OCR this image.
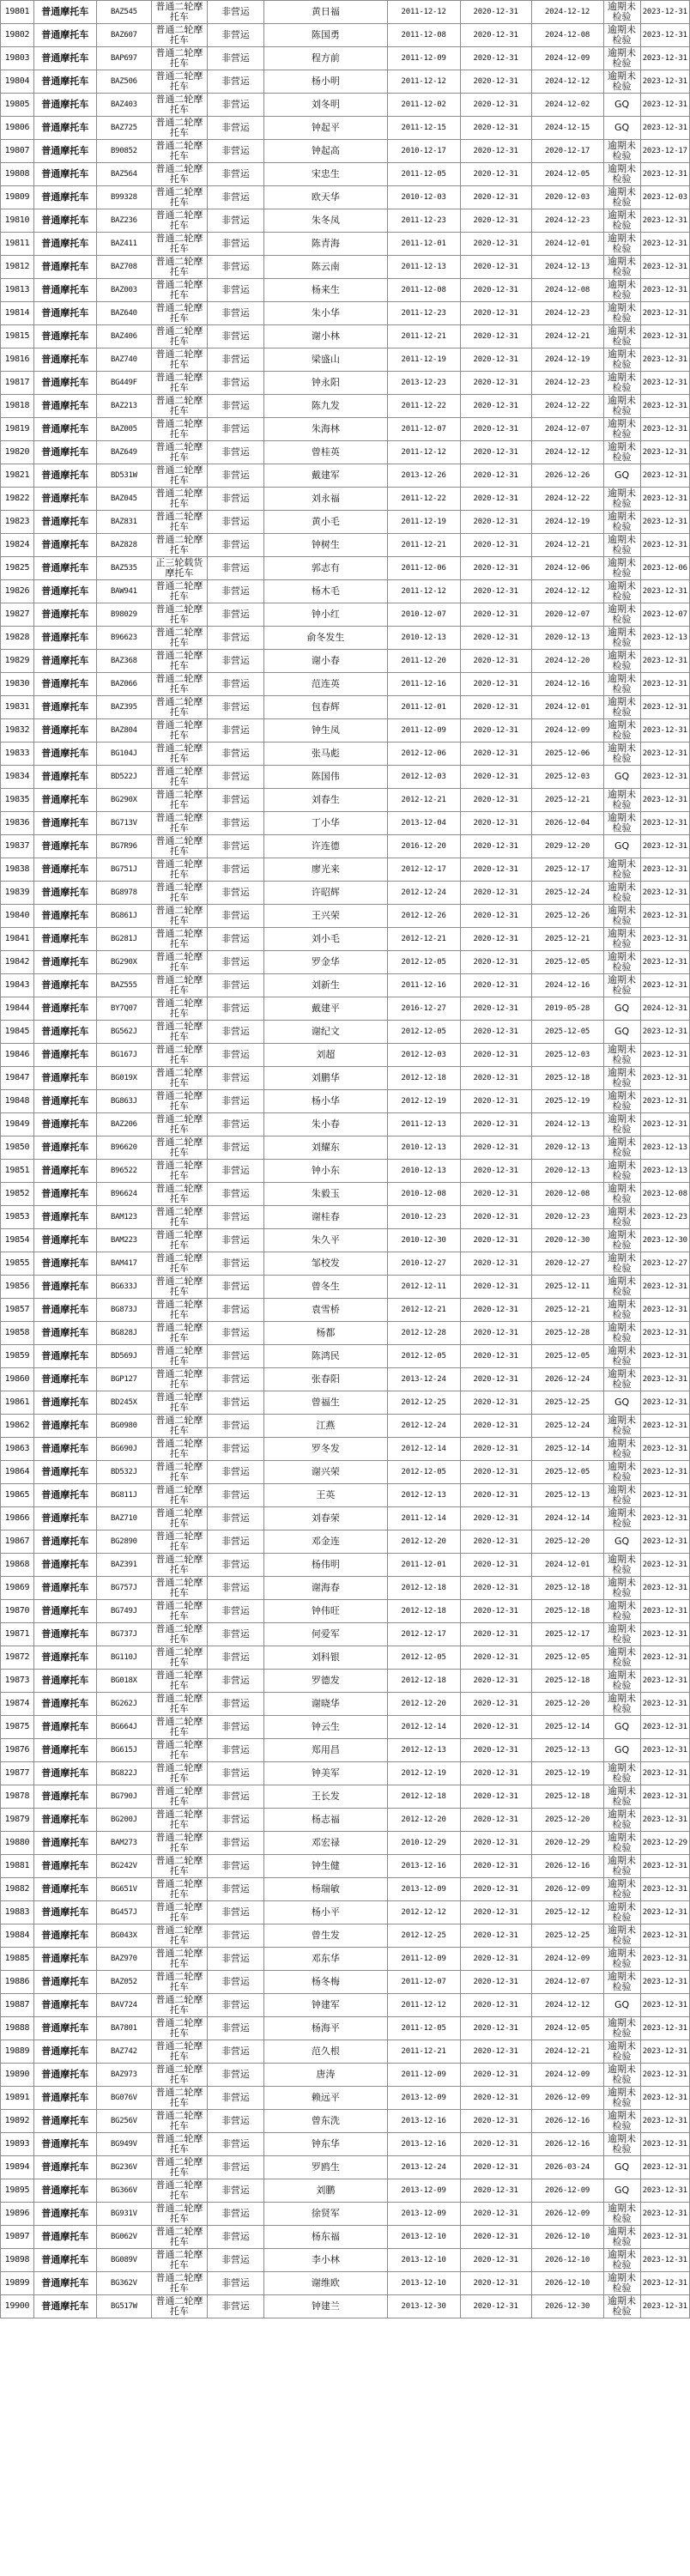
19801	普通摩托车	BAZ545	普通二轮摩托车	非营运	黄日福	2011-12-12	2020-12-31	2024-12-12	逾期未检验	2023-12-31
19802	普通摩托车	BAZ607	普通二轮摩托车	非营运	陈国勇	2011-12-08	2020-12-31	2024-12-08	逾期未检验	2023-12-31
19803	普通摩托车	BAP697	普通二轮摩托车	非营运	程方前	2011-12-09	2020-12-31	2024-12-09	逾期未检验	2023-12-31
19804	普通摩托车	BAZ506	普通二轮摩托车	非营运	杨小明	2011-12-12	2020-12-31	2024-12-12	逾期未检验	2023-12-31
19805	普通摩托车	BAZ403	普通二轮摩托车	非营运	刘冬明	2011-12-02	2020-12-31	2024-12-02	GQ	2023-12-31
19806	普通摩托车	BAZ725	普通二轮摩托车	非营运	钟起平	2011-12-15	2020-12-31	2024-12-15	GQ	2023-12-31
19807	普通摩托车	B90852	普通二轮摩托车	非营运	钟起高	2010-12-17	2020-12-31	2020-12-17	逾期未检验	2023-12-17
19808	普通摩托车	BAZ564	普通二轮摩托车	非营运	宋忠生	2011-12-05	2020-12-31	2024-12-05	逾期未检验	2023-12-31
19809	普通摩托车	B99328	普通二轮摩托车	非营运	欧天华	2010-12-03	2020-12-31	2020-12-03	逾期未检验	2023-12-03
19810	普通摩托车	BAZ236	普通二轮摩托车	非营运	朱冬凤	2011-12-23	2020-12-31	2024-12-23	逾期未检验	2023-12-31
19811	普通摩托车	BAZ411	普通二轮摩托车	非营运	陈青海	2011-12-01	2020-12-31	2024-12-01	逾期未检验	2023-12-31
19812	普通摩托车	BAZ708	普通二轮摩托车	非营运	陈云南	2011-12-13	2020-12-31	2024-12-13	逾期未检验	2023-12-31
19813	普通摩托车	BAZ003	普通二轮摩托车	非营运	杨来生	2011-12-08	2020-12-31	2024-12-08	逾期未检验	2023-12-31
19814	普通摩托车	BAZ640	普通二轮摩托车	非营运	朱小华	2011-12-23	2020-12-31	2024-12-23	逾期未检验	2023-12-31
19815	普通摩托车	BAZ406	普通二轮摩托车	非营运	谢小林	2011-12-21	2020-12-31	2024-12-21	逾期未检验	2023-12-31
19816	普通摩托车	BAZ740	普通二轮摩托车	非营运	梁盛山	2011-12-19	2020-12-31	2024-12-19	逾期未检验	2023-12-31
19817	普通摩托车	BG449F	普通二轮摩托车	非营运	钟永阳	2013-12-23	2020-12-31	2024-12-23	逾期未检验	2023-12-31
19818	普通摩托车	BAZ213	普通二轮摩托车	非营运	陈九发	2011-12-22	2020-12-31	2024-12-22	逾期未检验	2023-12-31
19819	普通摩托车	BAZ005	普通二轮摩托车	非营运	朱海林	2011-12-07	2020-12-31	2024-12-07	逾期未检验	2023-12-31
19820	普通摩托车	BAZ649	普通二轮摩托车	非营运	曾桂英	2011-12-12	2020-12-31	2024-12-12	逾期未检验	2023-12-31
19821	普通摩托车	BD531W	普通二轮摩托车	非营运	戴建军	2013-12-26	2020-12-31	2026-12-26	GQ	2023-12-31
19822	普通摩托车	BAZ045	普通二轮摩托车	非营运	刘永福	2011-12-22	2020-12-31	2024-12-22	逾期未检验	2023-12-31
19823	普通摩托车	BAZ831	普通二轮摩托车	非营运	黄小毛	2011-12-19	2020-12-31	2024-12-19	逾期未检验	2023-12-31
19824	普通摩托车	BAZ828	普通二轮摩托车	非营运	钟树生	2011-12-21	2020-12-31	2024-12-21	逾期未检验	2023-12-31
19825	普通摩托车	BAZ535	正三轮载货摩托车	非营运	郭志有	2011-12-06	2020-12-31	2024-12-06	逾期未检验	2023-12-06
19826	普通摩托车	BAW941	普通二轮摩托车	非营运	杨木毛	2011-12-12	2020-12-31	2024-12-12	逾期未检验	2023-12-31
19827	普通摩托车	B98029	普通二轮摩托车	非营运	钟小红	2010-12-07	2020-12-31	2020-12-07	逾期未检验	2023-12-07
19828	普通摩托车	B96623	普通二轮摩托车	非营运	俞冬发生	2010-12-13	2020-12-31	2020-12-13	逾期未检验	2023-12-13
19829	普通摩托车	BAZ368	普通二轮摩托车	非营运	谢小春	2011-12-20	2020-12-31	2024-12-20	逾期未检验	2023-12-31
19830	普通摩托车	BAZ066	普通二轮摩托车	非营运	范连英	2011-12-16	2020-12-31	2024-12-16	逾期未检验	2023-12-31
19831	普通摩托车	BAZ395	普通二轮摩托车	非营运	包春辉	2011-12-01	2020-12-31	2024-12-01	逾期未检验	2023-12-31
19832	普通摩托车	BAZ804	普通二轮摩托车	非营运	钟生凤	2011-12-09	2020-12-31	2024-12-09	逾期未检验	2023-12-31
19833	普通摩托车	BG104J	普通二轮摩托车	非营运	张马彪	2012-12-06	2020-12-31	2025-12-06	逾期未检验	2023-12-31
19834	普通摩托车	BD522J	普通二轮摩托车	非营运	陈国伟	2012-12-03	2020-12-31	2025-12-03	GQ	2023-12-31
19835	普通摩托车	BG290X	普通二轮摩托车	非营运	刘春生	2012-12-21	2020-12-31	2025-12-21	逾期未检验	2023-12-31
19836	普通摩托车	BG713V	普通二轮摩托车	非营运	丁小华	2013-12-04	2020-12-31	2026-12-04	逾期未检验	2023-12-31
19837	普通摩托车	BG7R96	普通二轮摩托车	非营运	许连德	2016-12-20	2020-12-31	2029-12-20	GQ	2023-12-31
19838	普通摩托车	BG751J	普通二轮摩托车	非营运	廖光来	2012-12-17	2020-12-31	2025-12-17	逾期未检验	2023-12-31
19839	普通摩托车	BG8978	普通二轮摩托车	非营运	许昭辉	2012-12-24	2020-12-31	2025-12-24	逾期未检验	2023-12-31
19840	普通摩托车	BG861J	普通二轮摩托车	非营运	王兴荣	2012-12-26	2020-12-31	2025-12-26	逾期未检验	2023-12-31
19841	普通摩托车	BG281J	普通二轮摩托车	非营运	刘小毛	2012-12-21	2020-12-31	2025-12-21	逾期未检验	2023-12-31
19842	普通摩托车	BG290X	普通二轮摩托车	非营运	罗金华	2012-12-05	2020-12-31	2025-12-05	逾期未检验	2023-12-31
19843	普通摩托车	BAZ555	普通二轮摩托车	非营运	刘新生	2011-12-16	2020-12-31	2024-12-16	逾期未检验	2023-12-31
19844	普通摩托车	BY7Q07	普通二轮摩托车	非营运	戴建平	2016-12-27	2020-12-31	2019-05-28	GQ	2024-12-31
19845	普通摩托车	BG562J	普通二轮摩托车	非营运	谢纪文	2012-12-05	2020-12-31	2025-12-05	GQ	2023-12-31
19846	普通摩托车	BG167J	普通二轮摩托车	非营运	刘超	2012-12-03	2020-12-31	2025-12-03	逾期未检验	2023-12-31
19847	普通摩托车	BG019X	普通二轮摩托车	非营运	刘鹏华	2012-12-18	2020-12-31	2025-12-18	逾期未检验	2023-12-31
19848	普通摩托车	BG863J	普通二轮摩托车	非营运	杨小华	2012-12-19	2020-12-31	2025-12-19	逾期未检验	2023-12-31
19849	普通摩托车	BAZ206	普通二轮摩托车	非营运	朱小春	2011-12-13	2020-12-31	2024-12-13	逾期未检验	2023-12-31
19850	普通摩托车	B96620	普通二轮摩托车	非营运	刘耀东	2010-12-13	2020-12-31	2020-12-13	逾期未检验	2023-12-13
19851	普通摩托车	B96522	普通二轮摩托车	非营运	钟小东	2010-12-13	2020-12-31	2020-12-13	逾期未检验	2023-12-13
19852	普通摩托车	B96624	普通二轮摩托车	非营运	朱毅玉	2010-12-08	2020-12-31	2020-12-08	逾期未检验	2023-12-08
19853	普通摩托车	BAM123	普通二轮摩托车	非营运	谢桂春	2010-12-23	2020-12-31	2020-12-23	逾期未检验	2023-12-23
19854	普通摩托车	BAM223	普通二轮摩托车	非营运	朱久平	2010-12-30	2020-12-31	2020-12-30	逾期未检验	2023-12-30
19855	普通摩托车	BAM417	普通二轮摩托车	非营运	邹校发	2010-12-27	2020-12-31	2020-12-27	逾期未检验	2023-12-27
19856	普通摩托车	BG633J	普通二轮摩托车	非营运	曾冬生	2012-12-11	2020-12-31	2025-12-11	逾期未检验	2023-12-31
19857	普通摩托车	BG873J	普通二轮摩托车	非营运	袁雪桥	2012-12-21	2020-12-31	2025-12-21	逾期未检验	2023-12-31
19858	普通摩托车	BG828J	普通二轮摩托车	非营运	杨都	2012-12-28	2020-12-31	2025-12-28	逾期未检验	2023-12-31
19859	普通摩托车	BD569J	普通二轮摩托车	非营运	陈鸿民	2012-12-05	2020-12-31	2025-12-05	逾期未检验	2023-12-31
19860	普通摩托车	BGP127	普通二轮摩托车	非营运	张春阳	2013-12-24	2020-12-31	2026-12-24	逾期未检验	2023-12-31
19861	普通摩托车	BD245X	普通二轮摩托车	非营运	曾福生	2012-12-25	2020-12-31	2025-12-25	GQ	2023-12-31
19862	普通摩托车	BG0980	普通二轮摩托车	非营运	江燕	2012-12-24	2020-12-31	2025-12-24	逾期未检验	2023-12-31
19863	普通摩托车	BG690J	普通二轮摩托车	非营运	罗冬发	2012-12-14	2020-12-31	2025-12-14	逾期未检验	2023-12-31
19864	普通摩托车	BD532J	普通二轮摩托车	非营运	谢兴荣	2012-12-05	2020-12-31	2025-12-05	逾期未检验	2023-12-31
19865	普通摩托车	BG811J	普通二轮摩托车	非营运	王英	2012-12-13	2020-12-31	2025-12-13	逾期未检验	2023-12-31
19866	普通摩托车	BAZ710	普通二轮摩托车	非营运	刘春荣	2011-12-14	2020-12-31	2024-12-14	逾期未检验	2023-12-31
19867	普通摩托车	BG2890	普通二轮摩托车	非营运	邓金连	2012-12-20	2020-12-31	2025-12-20	GQ	2023-12-31
19868	普通摩托车	BAZ391	普通二轮摩托车	非营运	杨伟明	2011-12-01	2020-12-31	2024-12-01	逾期未检验	2023-12-31
19869	普通摩托车	BG757J	普通二轮摩托车	非营运	谢海春	2012-12-18	2020-12-31	2025-12-18	逾期未检验	2023-12-31
19870	普通摩托车	BG749J	普通二轮摩托车	非营运	钟伟旺	2012-12-18	2020-12-31	2025-12-18	逾期未检验	2023-12-31
19871	普通摩托车	BG737J	普通二轮摩托车	非营运	何爱军	2012-12-17	2020-12-31	2025-12-17	逾期未检验	2023-12-31
19872	普通摩托车	BG110J	普通二轮摩托车	非营运	刘科银	2012-12-05	2020-12-31	2025-12-05	逾期未检验	2023-12-31
19873	普通摩托车	BG018X	普通二轮摩托车	非营运	罗德发	2012-12-18	2020-12-31	2025-12-18	逾期未检验	2023-12-31
19874	普通摩托车	BG262J	普通二轮摩托车	非营运	谢晓华	2012-12-20	2020-12-31	2025-12-20	逾期未检验	2023-12-31
19875	普通摩托车	BG664J	普通二轮摩托车	非营运	钟云生	2012-12-14	2020-12-31	2025-12-14	GQ	2023-12-31
19876	普通摩托车	BG615J	普通二轮摩托车	非营运	郑用昌	2012-12-13	2020-12-31	2025-12-13	GQ	2023-12-31
19877	普通摩托车	BG822J	普通二轮摩托车	非营运	钟美军	2012-12-19	2020-12-31	2025-12-19	逾期未检验	2023-12-31
19878	普通摩托车	BG790J	普通二轮摩托车	非营运	王长发	2012-12-18	2020-12-31	2025-12-18	逾期未检验	2023-12-31
19879	普通摩托车	BG200J	普通二轮摩托车	非营运	杨志福	2012-12-20	2020-12-31	2025-12-20	逾期未检验	2023-12-31
19880	普通摩托车	BAM273	普通二轮摩托车	非营运	邓宏禄	2010-12-29	2020-12-31	2020-12-29	逾期未检验	2023-12-29
19881	普通摩托车	BG242V	普通二轮摩托车	非营运	钟生健	2013-12-16	2020-12-31	2026-12-16	逾期未检验	2023-12-31
19882	普通摩托车	BG651V	普通二轮摩托车	非营运	杨瑞敏	2013-12-09	2020-12-31	2026-12-09	逾期未检验	2023-12-31
19883	普通摩托车	BG457J	普通二轮摩托车	非营运	杨小平	2012-12-12	2020-12-31	2025-12-12	逾期未检验	2023-12-31
19884	普通摩托车	BG043X	普通二轮摩托车	非营运	曾生发	2012-12-25	2020-12-31	2025-12-25	逾期未检验	2023-12-31
19885	普通摩托车	BAZ970	普通二轮摩托车	非营运	邓东华	2011-12-09	2020-12-31	2024-12-09	逾期未检验	2023-12-31
19886	普通摩托车	BAZ052	普通二轮摩托车	非营运	杨冬梅	2011-12-07	2020-12-31	2024-12-07	逾期未检验	2023-12-31
19887	普通摩托车	BAV724	普通二轮摩托车	非营运	钟建军	2011-12-12	2020-12-31	2024-12-12	GQ	2023-12-31
19888	普通摩托车	BA7801	普通二轮摩托车	非营运	杨海平	2011-12-05	2020-12-31	2024-12-05	逾期未检验	2023-12-31
19889	普通摩托车	BAZ742	普通二轮摩托车	非营运	范久根	2011-12-21	2020-12-31	2024-12-21	逾期未检验	2023-12-31
19890	普通摩托车	BAZ973	普通二轮摩托车	非营运	唐涛	2011-12-09	2020-12-31	2024-12-09	逾期未检验	2023-12-31
19891	普通摩托车	BG076V	普通二轮摩托车	非营运	赖远平	2013-12-09	2020-12-31	2026-12-09	逾期未检验	2023-12-31
19892	普通摩托车	BG256V	普通二轮摩托车	非营运	曾东洗	2013-12-16	2020-12-31	2026-12-16	逾期未检验	2023-12-31
19893	普通摩托车	BG949V	普通二轮摩托车	非营运	钟东华	2013-12-16	2020-12-31	2026-12-16	逾期未检验	2023-12-31
19894	普通摩托车	BG236V	普通二轮摩托车	非营运	罗鸥生	2013-12-24	2020-12-31	2026-03-24	GQ	2023-12-31
19895	普通摩托车	BG366V	普通二轮摩托车	非营运	刘鹏	2013-12-09	2020-12-31	2026-12-09	GQ	2023-12-31
19896	普通摩托车	BG931V	普通二轮摩托车	非营运	徐贤军	2013-12-09	2020-12-31	2026-12-09	逾期未检验	2023-12-31
19897	普通摩托车	BG062V	普通二轮摩托车	非营运	杨东福	2013-12-10	2020-12-31	2026-12-10	逾期未检验	2023-12-31
19898	普通摩托车	BG089V	普通二轮摩托车	非营运	李小林	2013-12-10	2020-12-31	2026-12-10	逾期未检验	2023-12-31
19899	普通摩托车	BG362V	普通二轮摩托车	非营运	谢维欧	2013-12-10	2020-12-31	2026-12-10	逾期未检验	2023-12-31
19900	普通摩托车	BG517W	普通二轮摩托车	非营运	钟建兰	2013-12-30	2020-12-31	2026-12-30	逾期未检验	2023-12-31
